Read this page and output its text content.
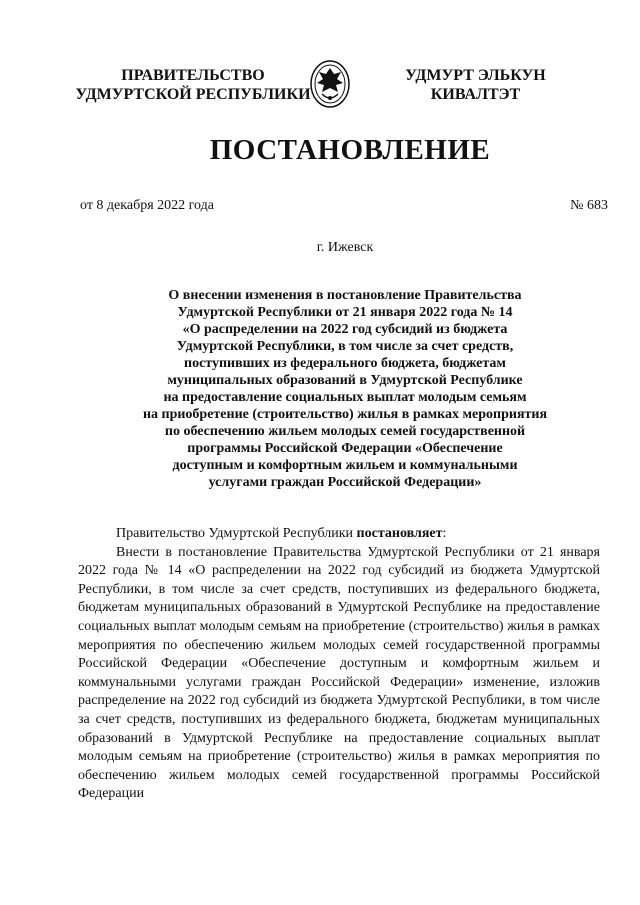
ПРАВИТЕЛЬСТВО
УДМУРТСКОЙ РЕСПУБЛИКИ
УДМУРТ ЭЛЬКУН
КИВАЛТЭТ
ПОСТАНОВЛЕНИЕ
от 8 декабря 2022 года	№ 683
г. Ижевск
О внесении изменения в постановление Правительства
Удмуртской Республики от 21 января 2022 года № 14
«О распределении на 2022 год субсидий из бюджета
Удмуртской Республики, в том числе за счет средств,
поступивших из федерального бюджета, бюджетам
муниципальных образований в Удмуртской Республике
на предоставление социальных выплат молодым семьям
на приобретение (строительство) жилья в рамках мероприятия
по обеспечению жильем молодых семей государственной
программы Российской Федерации «Обеспечение
доступным и комфортным жильем и коммунальными
услугами граждан Российской Федерации»

Правительство Удмуртской Республики постановляет:

Внести в постановление Правительства Удмуртской Республики от 21 января 2022 года № 14 «О распределении на 2022 год субсидий из бюджета Удмуртской Республики, в том числе за счет средств, поступивших из федерального бюджета, бюджетам муниципальных образований в Удмуртской Республике на предоставление социальных выплат молодым семьям на приобретение (строительство) жилья в рамках мероприятия по обеспечению жильем молодых семей государственной программы Российской Федерации «Обеспечение доступным и комфортным жильем и коммунальными услугами граждан Российской Федерации» изменение, изложив распределение на 2022 год субсидий из бюджета Удмуртской Республики, в том числе за счет средств, поступивших из федерального бюджета, бюджетам муниципальных образований в Удмуртской Республике на предоставление социальных выплат молодым семьям на приобретение (строительство) жилья в рамках мероприятия по обеспечению жильем молодых семей государственной программы Российской Федерации
